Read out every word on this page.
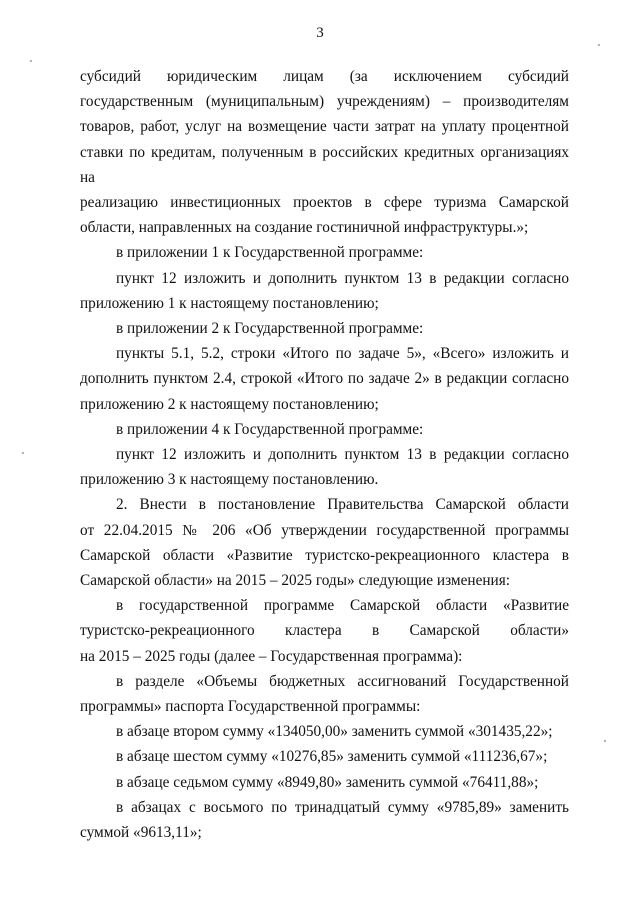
3

субсидий юридическим лицам (за исключением субсидий
государственным (муниципальным) учреждениям) – производителям
товаров, работ, услуг на возмещение части затрат на уплату процентной
ставки по кредитам, полученным в российских кредитных организациях на
реализацию инвестиционных проектов в сфере туризма Самарской
области, направленных на создание гостиничной инфраструктуры.»;

в приложении 1 к Государственной программе:

пункт 12 изложить и дополнить пунктом 13 в редакции согласно
приложению 1 к настоящему постановлению;

в приложении 2 к Государственной программе:

пункты 5.1, 5.2, строки «Итого по задаче 5», «Всего» изложить и
дополнить пунктом 2.4, строкой «Итого по задаче 2» в редакции согласно
приложению 2 к настоящему постановлению;

в приложении 4 к Государственной программе:

пункт 12 изложить и дополнить пунктом 13 в редакции согласно
приложению 3 к настоящему постановлению.

2. Внести в постановление Правительства Самарской области
от 22.04.2015 № 206 «Об утверждении государственной программы
Самарской области «Развитие туристско-рекреационного кластера в
Самарской области» на 2015 – 2025 годы» следующие изменения:

в государственной программе Самарской области «Развитие
туристско-рекреационного кластера в Самарской области»
на 2015 – 2025 годы (далее – Государственная программа):

в разделе «Объемы бюджетных ассигнований Государственной
программы» паспорта Государственной программы:

в абзаце втором сумму «134050,00» заменить суммой «301435,22»;

в абзаце шестом сумму «10276,85» заменить суммой «111236,67»;

в абзаце седьмом сумму «8949,80» заменить суммой «76411,88»;

в абзацах с восьмого по тринадцатый сумму «9785,89» заменить
суммой «9613,11»;
